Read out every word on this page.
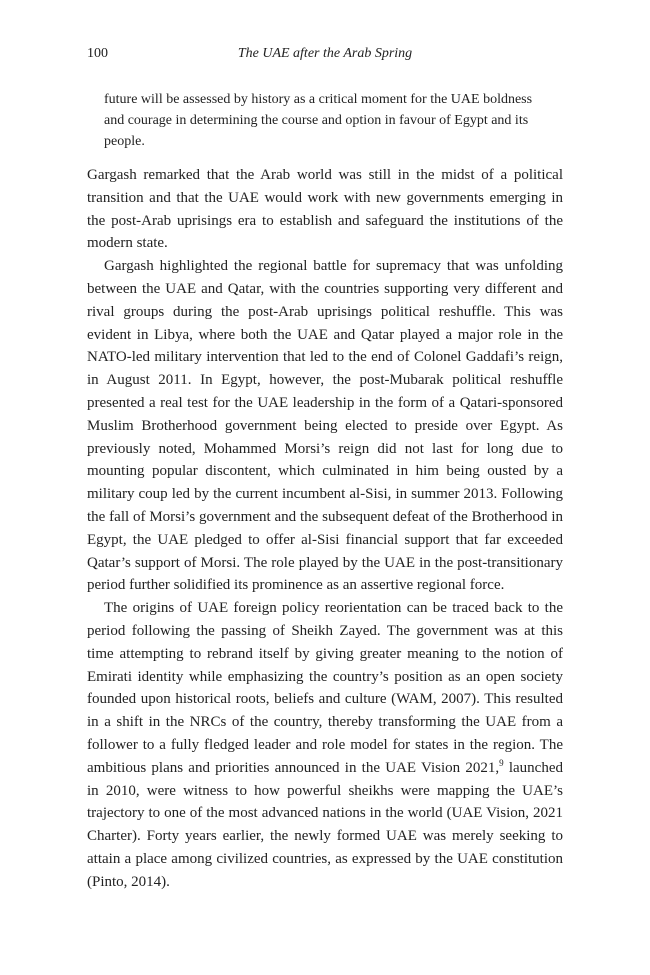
100	The UAE after the Arab Spring

future will be assessed by history as a critical moment for the UAE boldness and courage in determining the course and option in favour of Egypt and its people.

Gargash remarked that the Arab world was still in the midst of a political transition and that the UAE would work with new governments emerging in the post-Arab uprisings era to establish and safeguard the institutions of the modern state.

Gargash highlighted the regional battle for supremacy that was unfolding between the UAE and Qatar, with the countries supporting very different and rival groups during the post-Arab uprisings political reshuffle. This was evident in Libya, where both the UAE and Qatar played a major role in the NATO-led military intervention that led to the end of Colonel Gaddafi’s reign, in August 2011. In Egypt, however, the post-Mubarak political reshuffle presented a real test for the UAE leadership in the form of a Qatari-sponsored Muslim Brotherhood government being elected to preside over Egypt. As previously noted, Mohammed Morsi’s reign did not last for long due to mounting popular discontent, which culminated in him being ousted by a military coup led by the current incumbent al-Sisi, in summer 2013. Following the fall of Morsi’s government and the subsequent defeat of the Brotherhood in Egypt, the UAE pledged to offer al-Sisi financial support that far exceeded Qatar’s support of Morsi. The role played by the UAE in the post-transitionary period further solidified its prominence as an assertive regional force.

The origins of UAE foreign policy reorientation can be traced back to the period following the passing of Sheikh Zayed. The government was at this time attempting to rebrand itself by giving greater meaning to the notion of Emirati identity while emphasizing the country’s position as an open society founded upon historical roots, beliefs and culture (WAM, 2007). This resulted in a shift in the NRCs of the country, thereby transforming the UAE from a follower to a fully fledged leader and role model for states in the region. The ambitious plans and priorities announced in the UAE Vision 2021,$^9$ launched in 2010, were witness to how powerful sheikhs were mapping the UAE’s trajectory to one of the most advanced nations in the world (UAE Vision, 2021 Charter). Forty years earlier, the newly formed UAE was merely seeking to attain a place among civilized countries, as expressed by the UAE constitution (Pinto, 2014).
